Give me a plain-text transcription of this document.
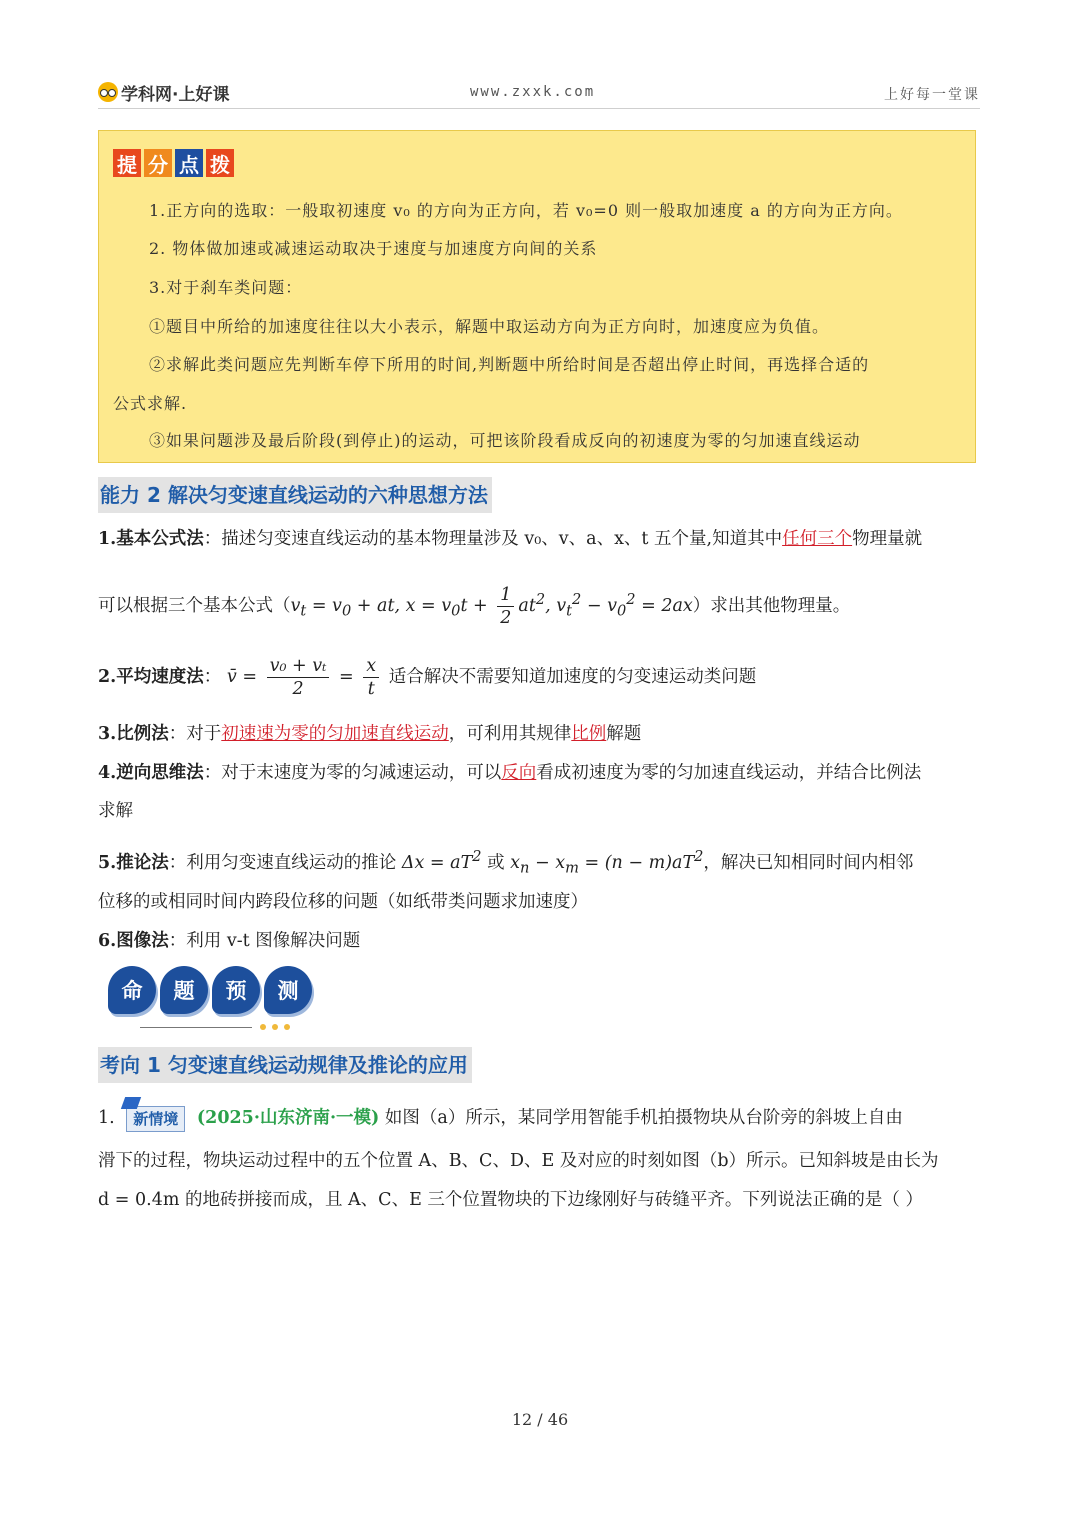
学科网·上好课	www.zxxk.com	上好每一堂课
提 分 点 拨
1.正方向的选取：一般取初速度 v₀ 的方向为正方向，若 v₀=0 则一般取加速度 a 的方向为正方向。
2. 物体做加速或减速运动取决于速度与加速度方向间的关系
3.对于刹车类问题：
①题目中所给的加速度往往以大小表示，解题中取运动方向为正方向时，加速度应为负值。
②求解此类问题应先判断车停下所用的时间,判断题中所给时间是否超出停止时间，再选择合适的
公式求解.
③如果问题涉及最后阶段(到停止)的运动，可把该阶段看成反向的初速度为零的匀加速直线运动
能力 2 解决匀变速直线运动的六种思想方法
1.基本公式法：描述匀变速直线运动的基本物理量涉及 v₀、v、a、x、t 五个量,知道其中任何三个物理量就
可以根据三个基本公式（$v_t = v_0$ + at, $x = v_0t + \frac{1}{2} at^2$, $v_t^2 - v_0^2 = 2ax$）求出其他物理量。
2.平均速度法： v̄ = $\frac{\text{v₀ + vₜ}}{2} = \frac{x}{t}$ 适合解决不需要知道加速度的匀变速运动类问题
3.比例法：对于初速速为零的匀加速直线运动，可利用其规律比例解题
4.逆向思维法：对于末速度为零的匀减速运动，可以反向看成初速度为零的匀加速直线运动，并结合比例法
求解
5.推论法：利用匀变速直线运动的推论 $\Delta x = aT^2$ 或 $x_n - x_m = (n - m)aT^2$，解决已知相同时间内相邻
位移的或相同时间内跨段位移的问题（如纸带类问题求加速度）
6.图像法：利用 v-t 图像解决问题
命	题	预	测
考向 1 匀变速直线运动规律及推论的应用
1. 新情境 (2025·山东济南·一模) 如图（a）所示，某同学用智能手机拍摄物块从台阶旁的斜坡上自由
滑下的过程，物块运动过程中的五个位置 A、B、C、D、E 及对应的时刻如图（b）所示。已知斜坡是由长为
d = 0.4m 的地砖拼接而成，且 A、C、E 三个位置物块的下边缘刚好与砖缝平齐。下列说法正确的是（ ）
12 / 46
